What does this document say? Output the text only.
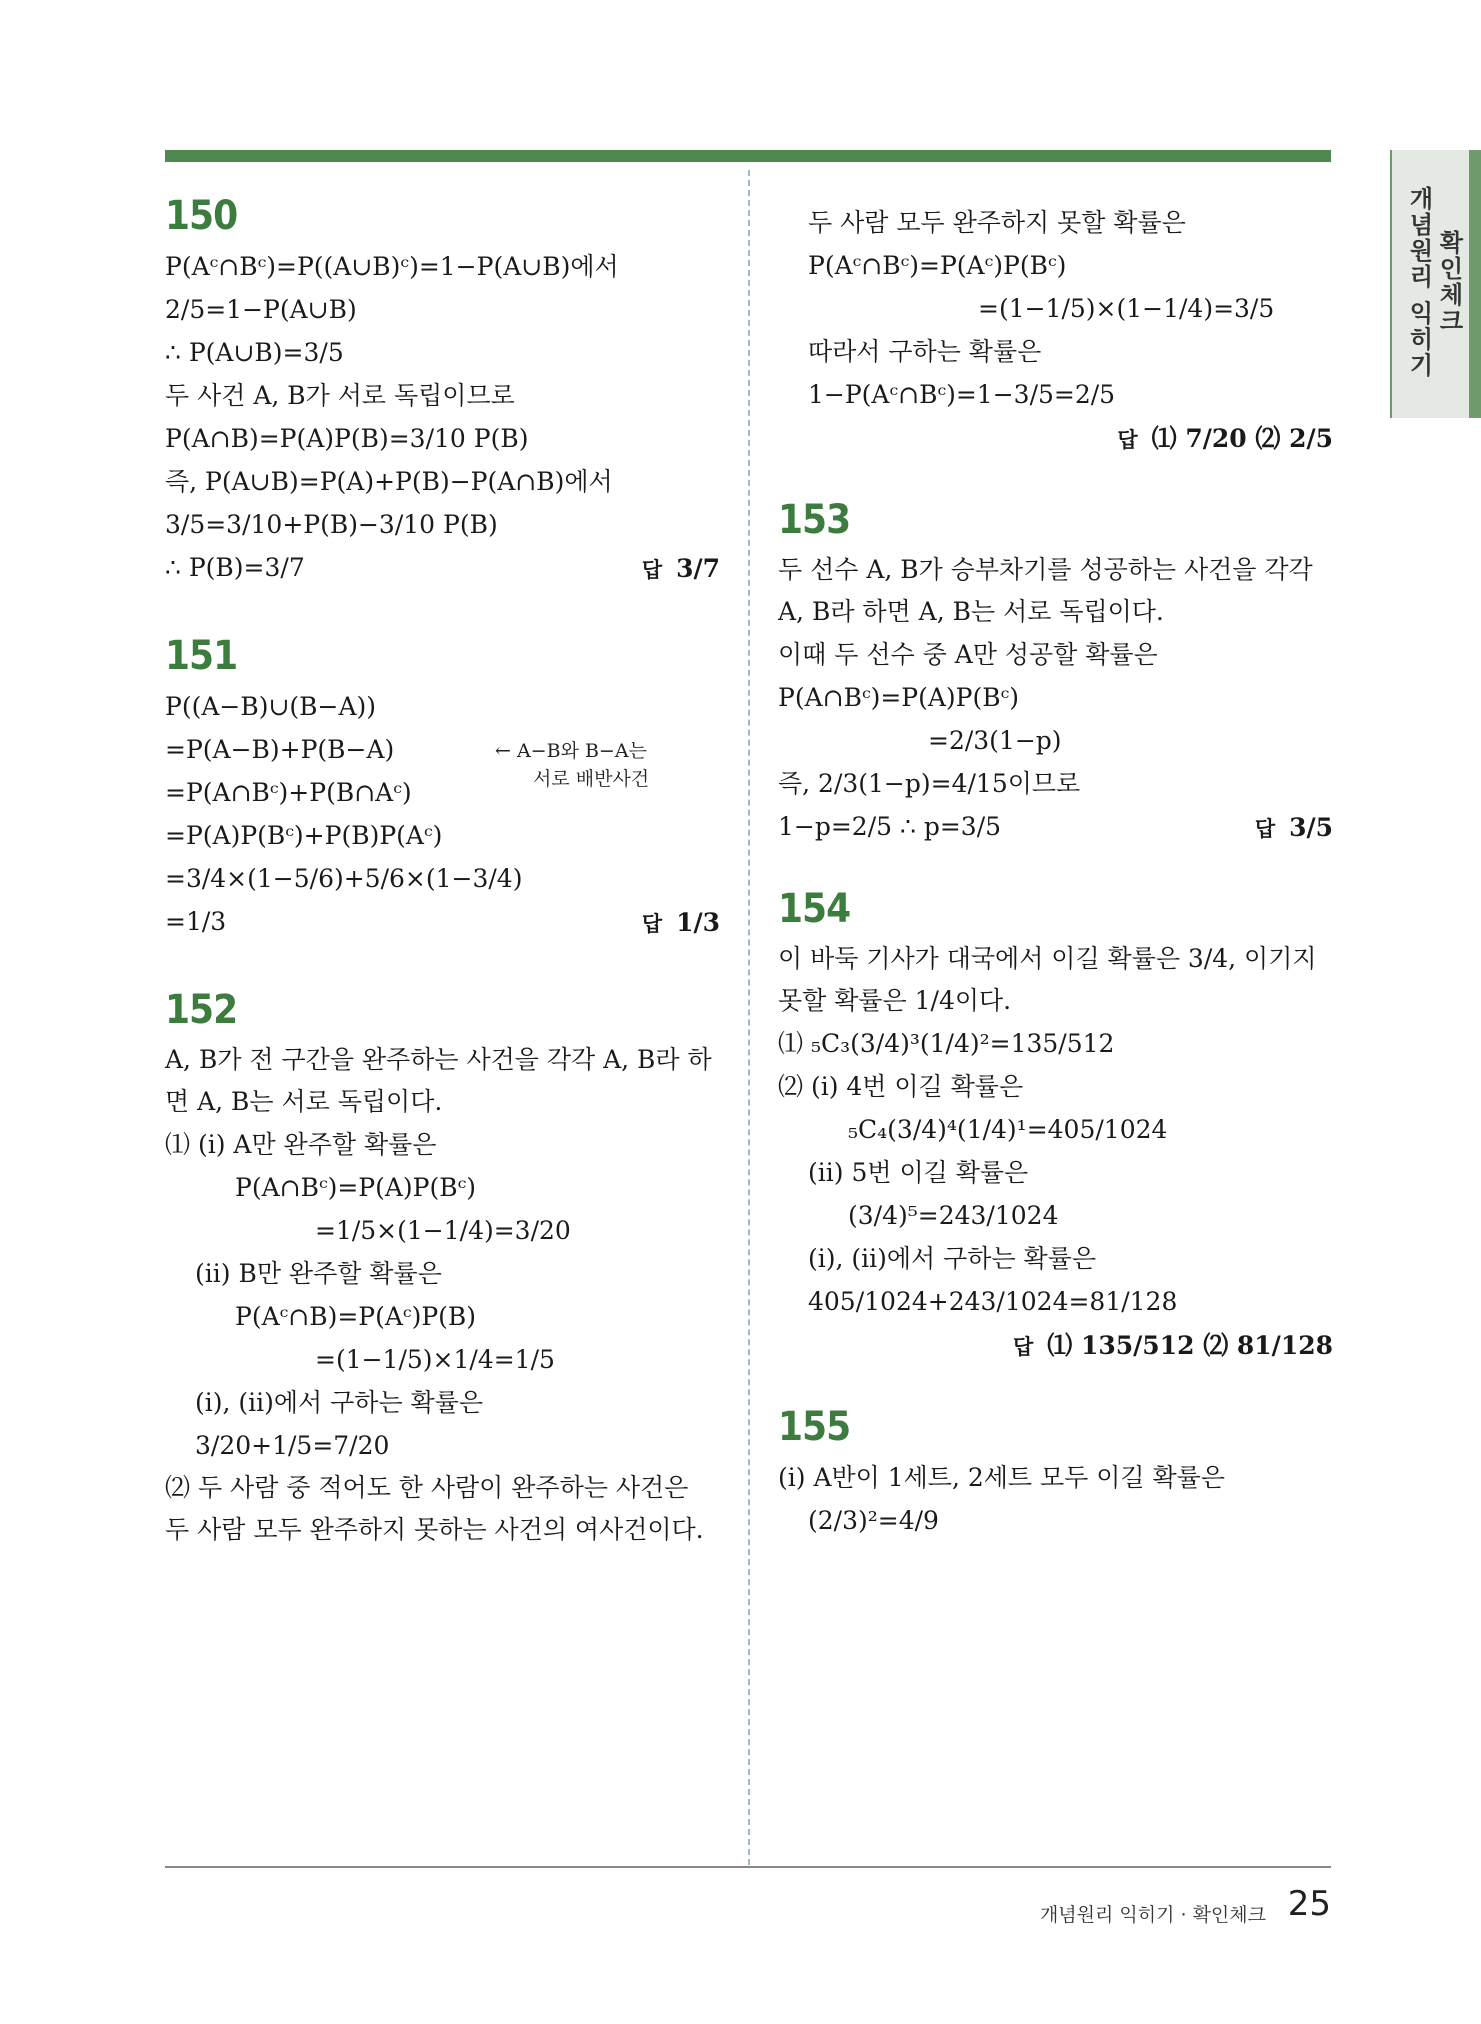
개념원리 익히기 확인체크
150
P(Aᶜ∩Bᶜ)=P((A∪B)ᶜ)=1−P(A∪B)에서
2/5=1−P(A∪B)
∴ P(A∪B)=3/5
두 사건 A, B가 서로 독립이므로
P(A∩B)=P(A)P(B)=3/10 P(B)
즉, P(A∪B)=P(A)+P(B)−P(A∩B)에서
3/5=3/10+P(B)−3/10 P(B)
∴ P(B)=3/7	답 3/7
151
P((A−B)∪(B−A))
=P(A−B)+P(B−A)
=P(A∩Bᶜ)+P(B∩Aᶜ)
=P(A)P(Bᶜ)+P(B)P(Aᶜ)
=3/4×(1−5/6)+5/6×(1−3/4)
=1/3	답 1/3
← A−B와 B−A는
서로 배반사건
152
A, B가 전 구간을 완주하는 사건을 각각 A, B라 하면 A, B는 서로 독립이다.
⑴ (ⅰ) A만 완주할 확률은
P(A∩Bᶜ)=P(A)P(Bᶜ)
=1/5×(1−1/4)=3/20
(ⅱ) B만 완주할 확률은
P(Aᶜ∩B)=P(Aᶜ)P(B)
=(1−1/5)×1/4=1/5
(ⅰ), (ⅱ)에서 구하는 확률은
3/20+1/5=7/20
⑵ 두 사람 중 적어도 한 사람이 완주하는 사건은 두 사람 모두 완주하지 못하는 사건의 여사건이다.
두 사람 모두 완주하지 못할 확률은
P(Aᶜ∩Bᶜ)=P(Aᶜ)P(Bᶜ)
=(1−1/5)×(1−1/4)=3/5
따라서 구하는 확률은
1−P(Aᶜ∩Bᶜ)=1−3/5=2/5
답 ⑴ 7/20 ⑵ 2/5
153
두 선수 A, B가 승부차기를 성공하는 사건을 각각 A, B라 하면 A, B는 서로 독립이다.
이때 두 선수 중 A만 성공할 확률은
P(A∩Bᶜ)=P(A)P(Bᶜ)
=2/3(1−p)
즉, 2/3(1−p)=4/15이므로
1−p=2/5 ∴ p=3/5	답 3/5
154
이 바둑 기사가 대국에서 이길 확률은 3/4, 이기지 못할 확률은 1/4이다.
⑴ ₅C₃(3/4)³(1/4)²=135/512
⑵ (ⅰ) 4번 이길 확률은
₅C₄(3/4)⁴(1/4)¹=405/1024
(ⅱ) 5번 이길 확률은
(3/4)⁵=243/1024
(ⅰ), (ⅱ)에서 구하는 확률은
405/1024+243/1024=81/128
답 ⑴ 135/512 ⑵ 81/128
155
(ⅰ) A반이 1세트, 2세트 모두 이길 확률은
(2/3)²=4/9
개념원리 익히기 · 확인체크 25
